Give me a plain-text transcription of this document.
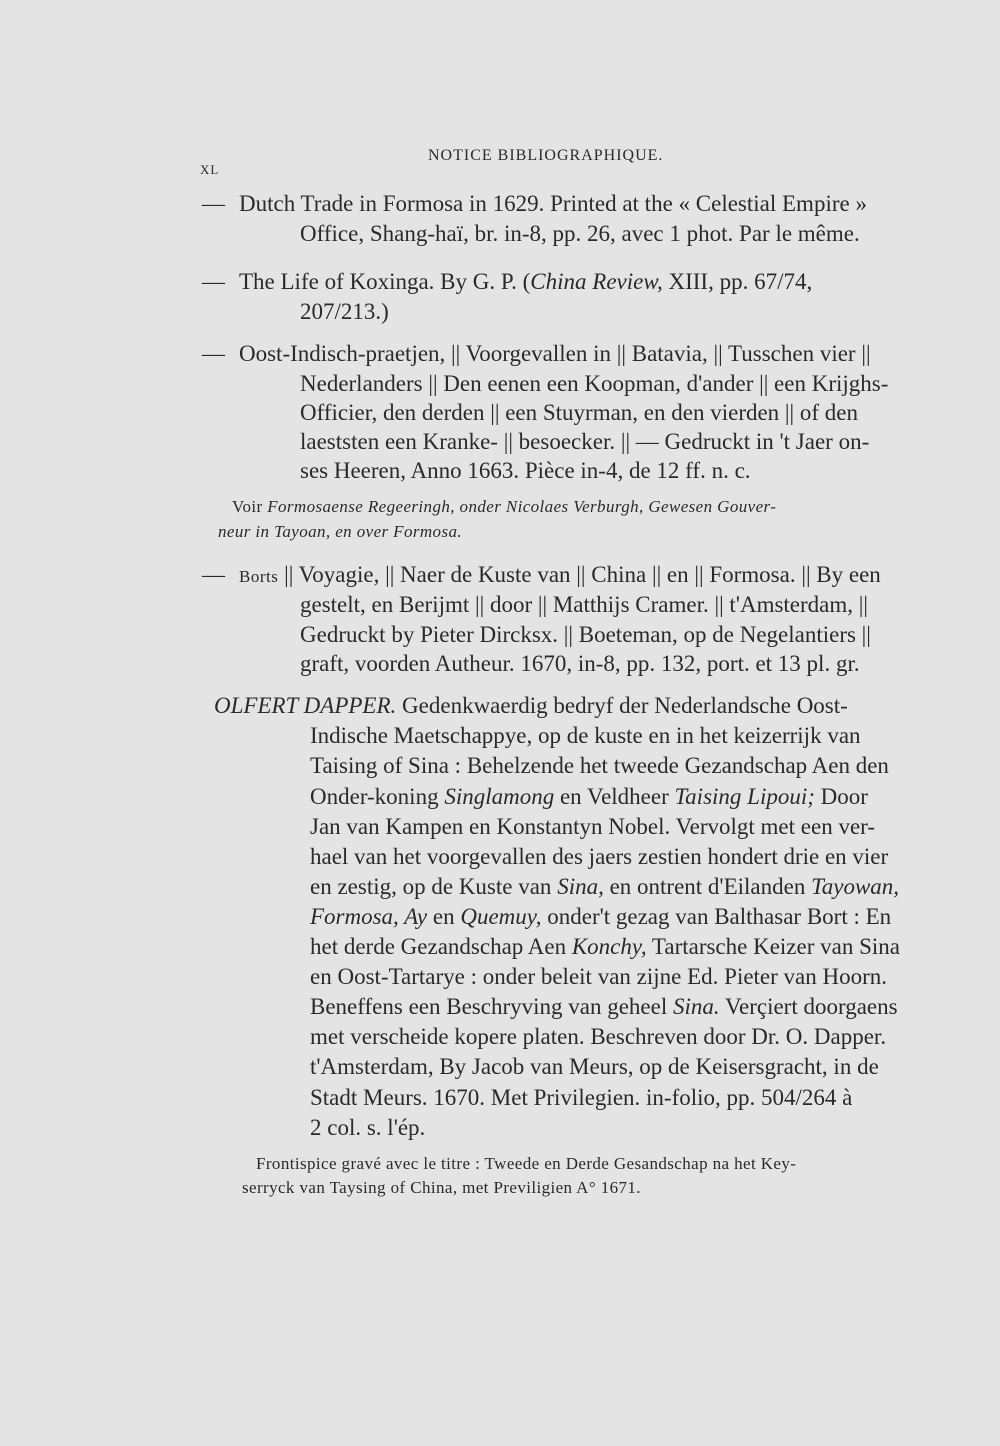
XL
NOTICE BIBLIOGRAPHIQUE.
— Dutch Trade in Formosa in 1629. Printed at the « Celestial Empire »
Office, Shang-haï, br. in-8, pp. 26, avec 1 phot. Par le même.
— The Life of Koxinga. By G. P. (China Review, XIII, pp. 67/74,
207/213.)
— Oost-Indisch-praetjen, || Voorgevallen in || Batavia, || Tusschen vier ||
Nederlanders || Den eenen een Koopman, d'ander || een Krijghs-
Officier, den derden || een Stuyrman, en den vierden || of den
laeststen een Kranke- || besoecker. || — Gedruckt in 't Jaer on-
ses Heeren, Anno 1663. Pièce in-4, de 12 ff. n. c.
Voir Formosaense Regeeringh, onder Nicolaes Verburgh, Gewesen Gouver-
neur in Tayoan, en over Formosa.
— Borts || Voyagie, || Naer de Kuste van || China || en || Formosa. || By een
gestelt, en Berijmt || door || Matthijs Cramer. || t'Amsterdam, ||
Gedruckt by Pieter Dircksx. || Boeteman, op de Negelantiers ||
graft, voorden Autheur. 1670, in-8, pp. 132, port. et 13 pl. gr.
OLFERT DAPPER. Gedenkwaerdig bedryf der Nederlandsche Oost-
Indische Maetschappye, op de kuste en in het keizerrijk van
Taising of Sina : Behelzende het tweede Gezandschap Aen den
Onder-koning Singlamong en Veldheer Taising Lipoui; Door
Jan van Kampen en Konstantyn Nobel. Vervolgt met een ver-
hael van het voorgevallen des jaers zestien hondert drie en vier
en zestig, op de Kuste van Sina, en ontrent d'Eilanden Tayowan,
Formosa, Ay en Quemuy, onder't gezag van Balthasar Bort : En
het derde Gezandschap Aen Konchy, Tartarsche Keizer van Sina
en Oost-Tartarye : onder beleit van zijne Ed. Pieter van Hoorn.
Beneffens een Beschryving van geheel Sina. Verçiert doorgaens
met verscheide kopere platen. Beschreven door Dr. O. Dapper.
t'Amsterdam, By Jacob van Meurs, op de Keisersgracht, in de
Stadt Meurs. 1670. Met Privilegien. in-folio, pp. 504/264 à
2 col. s. l'ép.
Frontispice gravé avec le titre : Tweede en Derde Gesandschap na het Key-
serryck van Taysing of China, met Previligien A° 1671.
